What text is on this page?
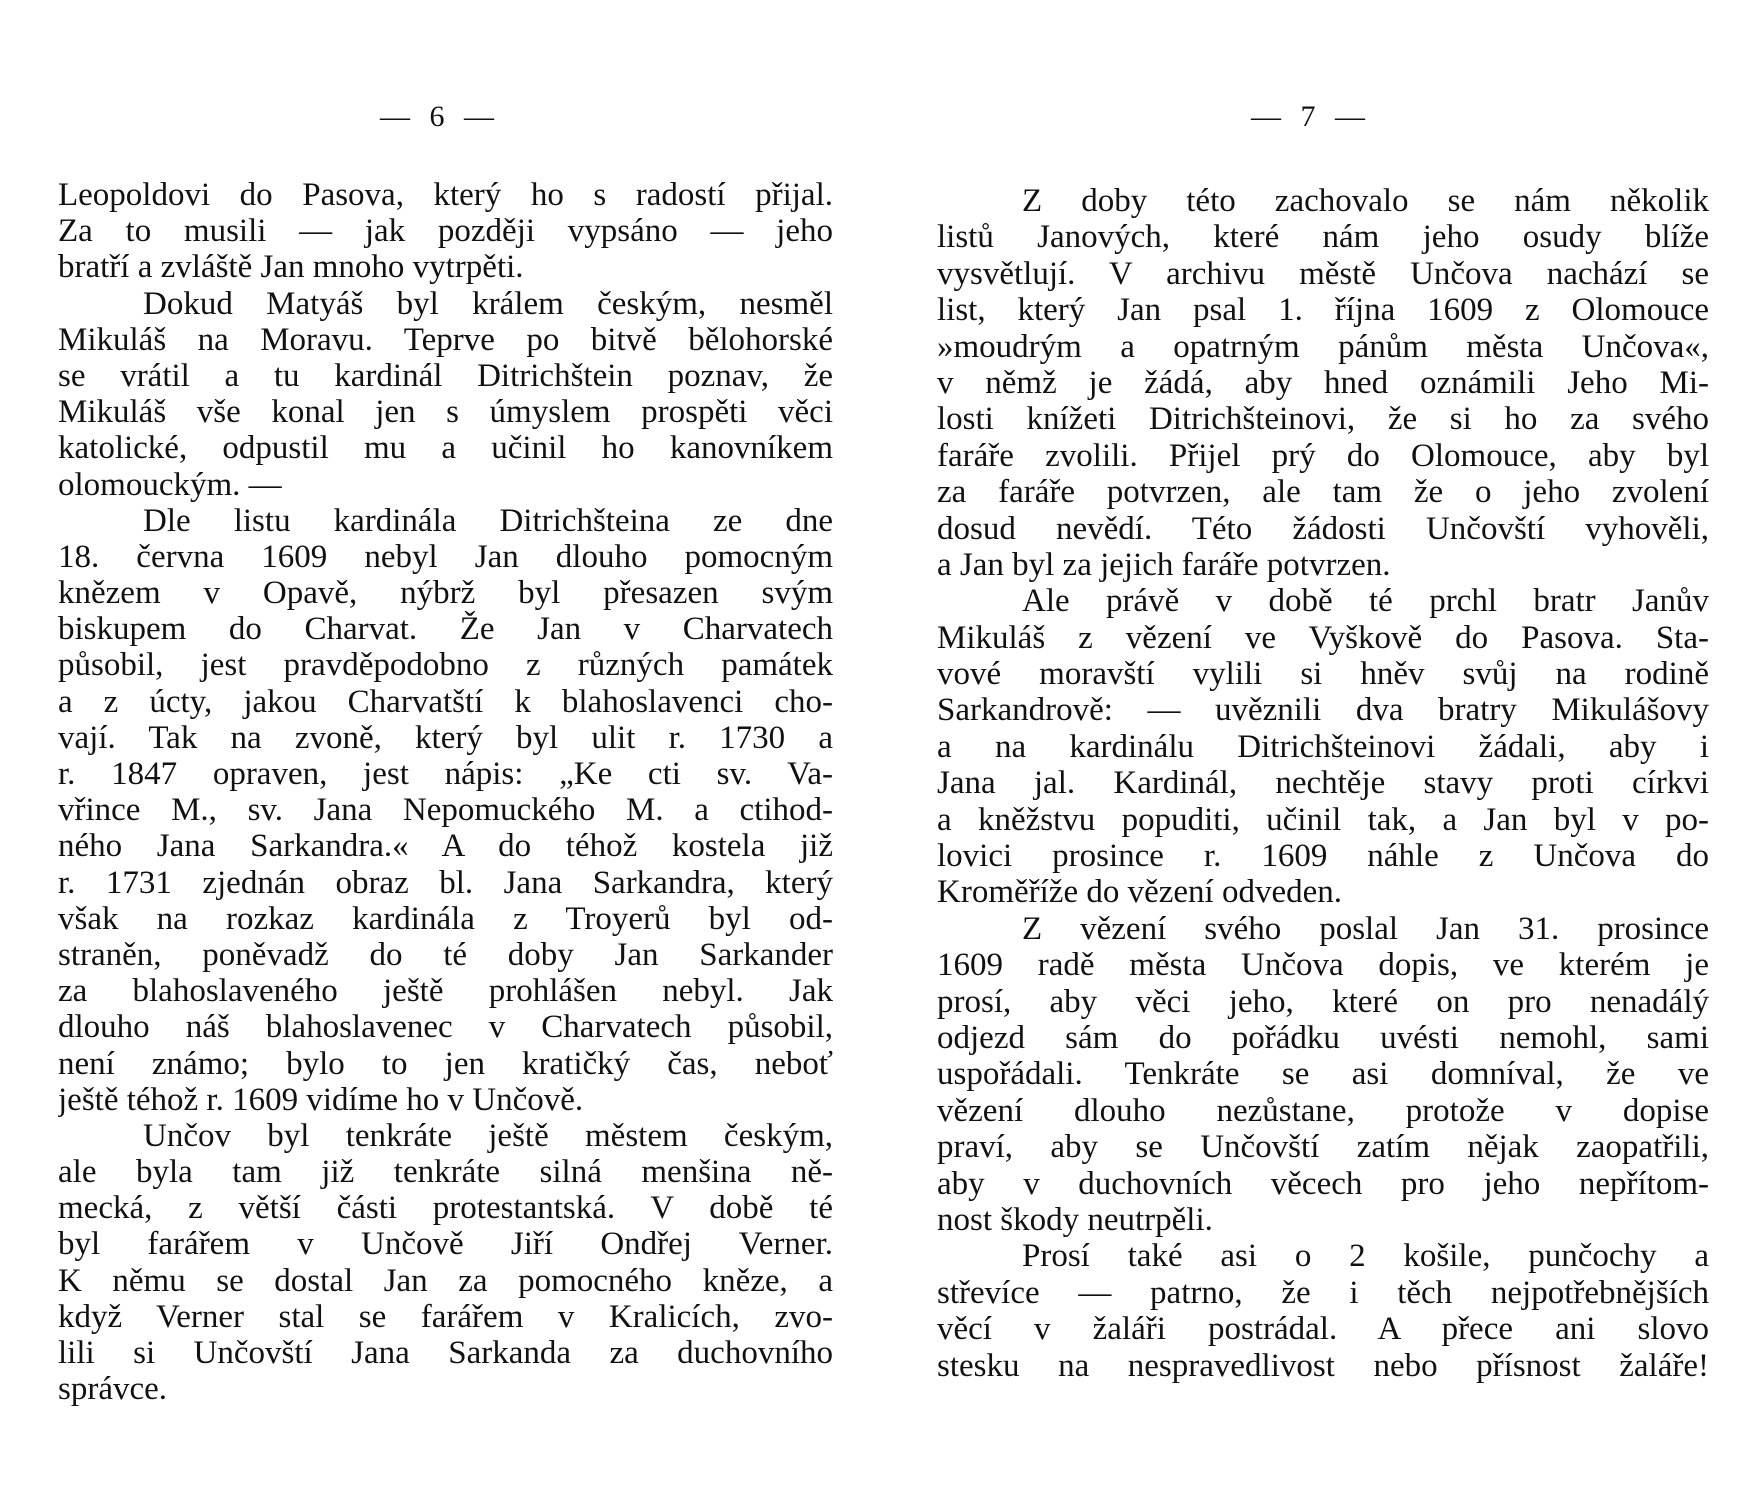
— 6 —
Leopoldovi do Pasova, který ho s radostí přijal.
Za to musili — jak později vypsáno — jeho
bratří a zvláště Jan mnoho vytrpěti.
Dokud Matyáš byl králem českým, nesměl
Mikuláš na Moravu. Teprve po bitvě bělohorské
se vrátil a tu kardinál Ditrichštein poznav, že
Mikuláš vše konal jen s úmyslem prospěti věci
katolické, odpustil mu a učinil ho kanovníkem
olomouckým. —
Dle listu kardinála Ditrichšteina ze dne
18. června 1609 nebyl Jan dlouho pomocným
knězem v Opavě, nýbrž byl přesazen svým
biskupem do Charvat. Že Jan v Charvatech
působil, jest pravděpodobno z různých památek
a z úcty, jakou Charvatští k blahoslavenci cho-
vají. Tak na zvoně, který byl ulit r. 1730 a
r. 1847 opraven, jest nápis: „Ke cti sv. Va-
vřince M., sv. Jana Nepomuckého M. a ctihod-
ného Jana Sarkandra.« A do téhož kostela již
r. 1731 zjednán obraz bl. Jana Sarkandra, který
však na rozkaz kardinála z Troyerů byl od-
straněn, poněvadž do té doby Jan Sarkander
za blahoslaveného ještě prohlášen nebyl. Jak
dlouho náš blahoslavenec v Charvatech působil,
není známo; bylo to jen kratičký čas, neboť
ještě téhož r. 1609 vidíme ho v Unčově.
Unčov byl tenkráte ještě městem českým,
ale byla tam již tenkráte silná menšina ně-
mecká, z větší části protestantská. V době té
byl farářem v Unčově Jiří Ondřej Verner.
K němu se dostal Jan za pomocného kněze, a
když Verner stal se farářem v Kralicích, zvo-
lili si Unčovští Jana Sarkanda za duchovního
správce.
— 7 —
Z doby této zachovalo se nám několik
listů Janových, které nám jeho osudy blíže
vysvětlují. V archivu městě Unčova nachází se
list, který Jan psal 1. října 1609 z Olomouce
»moudrým a opatrným pánům města Unčova«,
v němž je žádá, aby hned oznámili Jeho Mi-
losti knížeti Ditrichšteinovi, že si ho za svého
faráře zvolili. Přijel prý do Olomouce, aby byl
za faráře potvrzen, ale tam že o jeho zvolení
dosud nevědí. Této žádosti Unčovští vyhověli,
a Jan byl za jejich faráře potvrzen.
Ale právě v době té prchl bratr Janův
Mikuláš z vězení ve Vyškově do Pasova. Sta-
vové moravští vylili si hněv svůj na rodině
Sarkandrově: — uvěznili dva bratry Mikulášovy
a na kardinálu Ditrichšteinovi žádali, aby i
Jana jal. Kardinál, nechtěje stavy proti církvi
a kněžstvu popuditi, učinil tak, a Jan byl v po-
lovici prosince r. 1609 náhle z Unčova do
Kroměříže do vězení odveden.
Z vězení svého poslal Jan 31. prosince
1609 radě města Unčova dopis, ve kterém je
prosí, aby věci jeho, které on pro nenadálý
odjezd sám do pořádku uvésti nemohl, sami
uspořádali. Tenkráte se asi domníval, že ve
vězení dlouho nezůstane, protože v dopise
praví, aby se Unčovští zatím nějak zaopatřili,
aby v duchovních věcech pro jeho nepřítom-
nost škody neutrpěli.
Prosí také asi o 2 košile, punčochy a
střevíce — patrno, že i těch nejpotřebnějších
věcí v žaláři postrádal. A přece ani slovo
stesku na nespravedlivost nebo přísnost žaláře!
